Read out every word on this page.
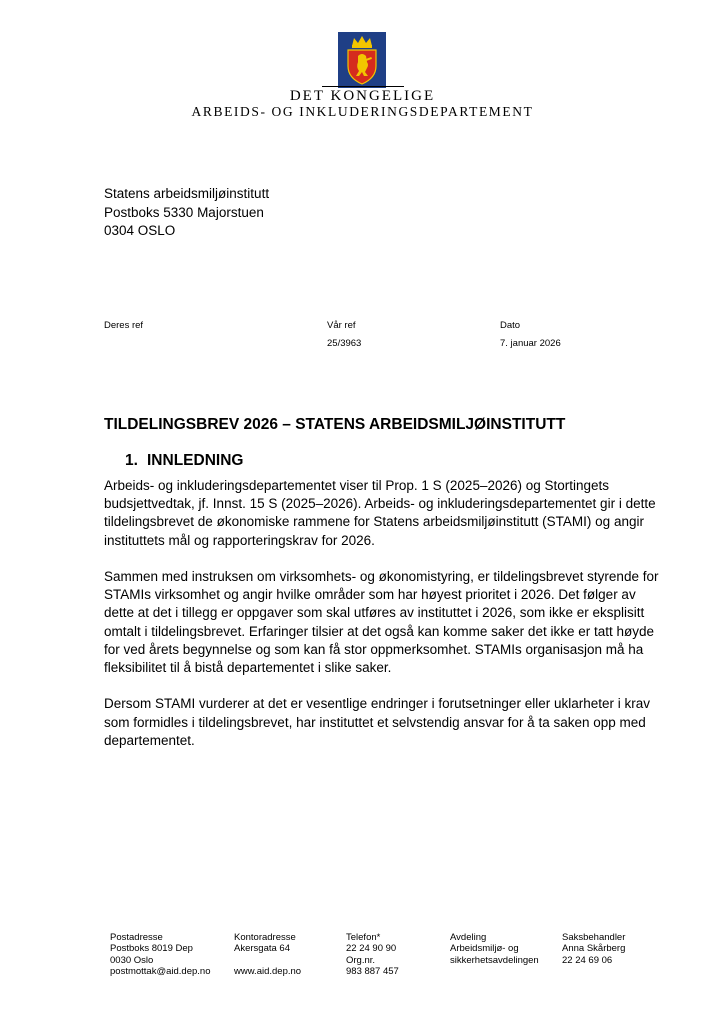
DET KONGELIGE
ARBEIDS- OG INKLUDERINGSDEPARTEMENT
Statens arbeidsmiljøinstitutt
Postboks 5330 Majorstuen
0304 OSLO
Deres ref	Vår ref
25/3963
Dato
7. januar 2026
TILDELINGSBREV 2026 – STATENS ARBEIDSMILJØINSTITUTT
1. INNLEDNING

Arbeids- og inkluderingsdepartementet viser til Prop. 1 S (2025–2026) og Stortingets budsjettvedtak, jf. Innst. 15 S (2025–2026). Arbeids- og inkluderingsdepartementet gir i dette tildelingsbrevet de økonomiske rammene for Statens arbeidsmiljøinstitutt (STAMI) og angir instituttets mål og rapporteringskrav for 2026.

Sammen med instruksen om virksomhets- og økonomistyring, er tildelingsbrevet styrende for STAMIs virksomhet og angir hvilke områder som har høyest prioritet i 2026. Det følger av dette at det i tillegg er oppgaver som skal utføres av instituttet i 2026, som ikke er eksplisitt omtalt i tildelingsbrevet. Erfaringer tilsier at det også kan komme saker det ikke er tatt høyde for ved årets begynnelse og som kan få stor oppmerksomhet. STAMIs organisasjon må ha fleksibilitet til å bistå departementet i slike saker.

Dersom STAMI vurderer at det er vesentlige endringer i forutsetninger eller uklarheter i krav som formidles i tildelingsbrevet, har instituttet et selvstendig ansvar for å ta saken opp med departementet.

Postadresse
Postboks 8019 Dep
0030 Oslo
postmottak@aid.dep.no
Kontoradresse
Akersgata 64

www.aid.dep.no
Telefon*
22 24 90 90
Org.nr.
983 887 457
Avdeling
Arbeidsmiljø- og
sikkerhetsavdelingen
Saksbehandler
Anna Skårberg
22 24 69 06
